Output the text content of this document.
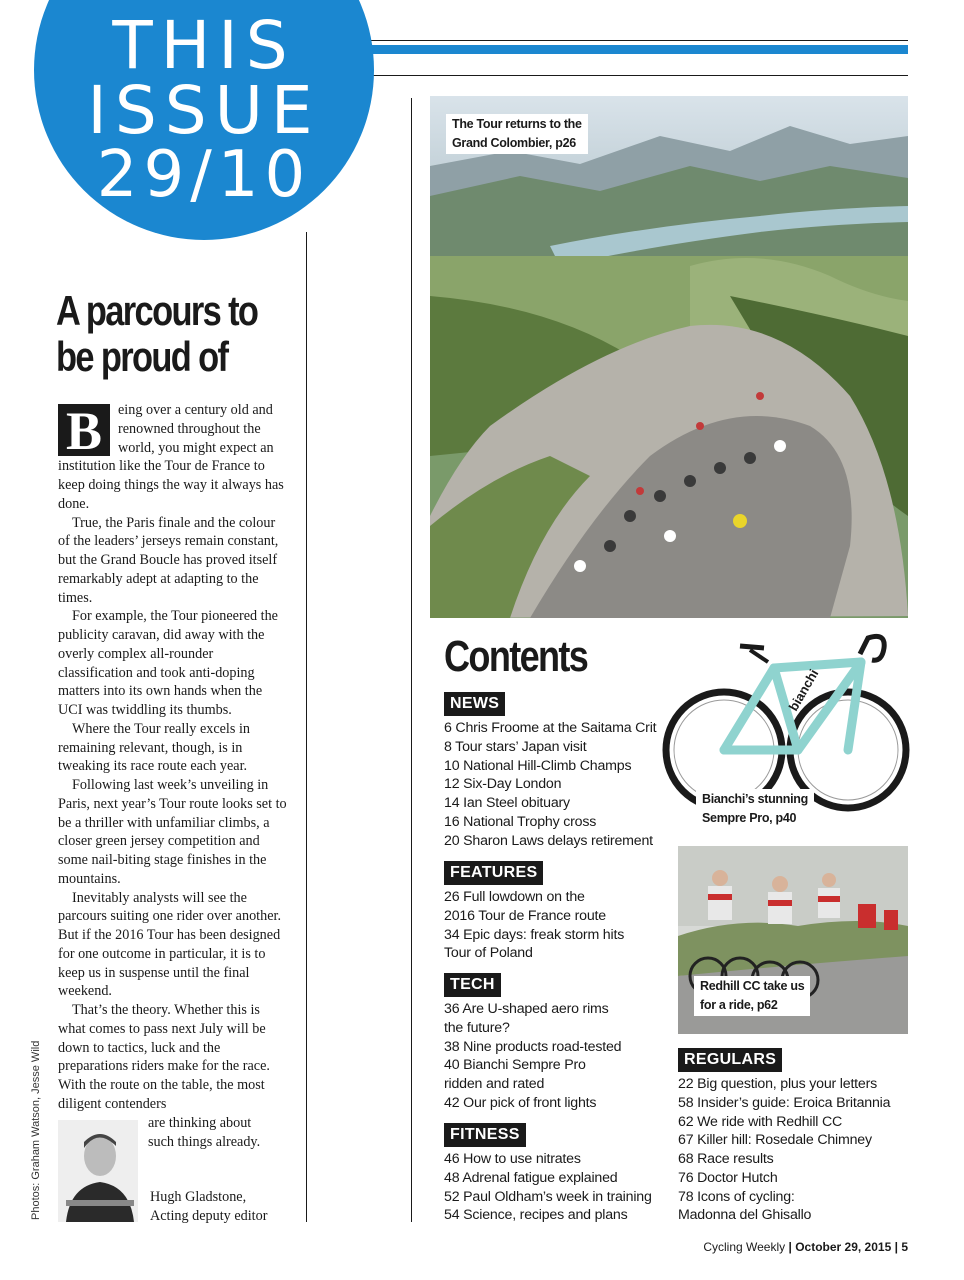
THIS
ISSUE
29/10
A parcours to
be proud of

B	eing over a century old and renowned throughout the world, you might expect an institution like the Tour de France to keep doing things the way it always has done.

True, the Paris finale and the colour of the leaders’ jerseys remain constant, but the Grand Boucle has proved itself remarkably adept at adapting to the times.

For example, the Tour pioneered the publicity caravan, did away with the overly complex all-rounder classification and took anti-doping matters into its own hands when the UCI was twiddling its thumbs.

Where the Tour really excels in remaining relevant, though, is in tweaking its race route each year.

Following last week’s unveiling in Paris, next year’s Tour route looks set to be a thriller with unfamiliar climbs, a closer green jersey competition and some nail-biting stage finishes in the mountains.

Inevitably analysts will see the parcours suiting one rider over another. But if the 2016 Tour has been designed for one outcome in particular, it is to keep us in suspense until the final weekend.

That’s the theory. Whether this is what comes to pass next July will be down to tactics, luck and the preparations riders make for the race. With the route on the table, the most diligent contenders

are thinking about
such things already.
Hugh Gladstone,
Acting deputy editor
Photos: Graham Watson, Jesse Wild
The Tour returns to the
Grand Colombier, p26
Contents
NEWS
6 Chris Froome at the Saitama Crit
8 Tour stars’ Japan visit
10 National Hill-Climb Champs
12 Six-Day London
14 Ian Steel obituary
16 National Trophy cross
20 Sharon Laws delays retirement
FEATURES
26 Full lowdown on the
2016 Tour de France route
34 Epic days: freak storm hits
Tour of Poland
TECH
36 Are U-shaped aero rims
the future?
38 Nine products road-tested
40 Bianchi Sempre Pro
ridden and rated
42 Our pick of front lights
FITNESS
46 How to use nitrates
48 Adrenal fatigue explained
52 Paul Oldham’s week in training
54 Science, recipes and plans
bianchi
Bianchi’s stunning
Sempre Pro, p40
Redhill CC take us
for a ride, p62
REGULARS
22 Big question, plus your letters
58 Insider’s guide: Eroica Britannia
62 We ride with Redhill CC
67 Killer hill: Rosedale Chimney
68 Race results
76 Doctor Hutch
78 Icons of cycling:
Madonna del Ghisallo
Cycling Weekly | October 29, 2015 | 5
